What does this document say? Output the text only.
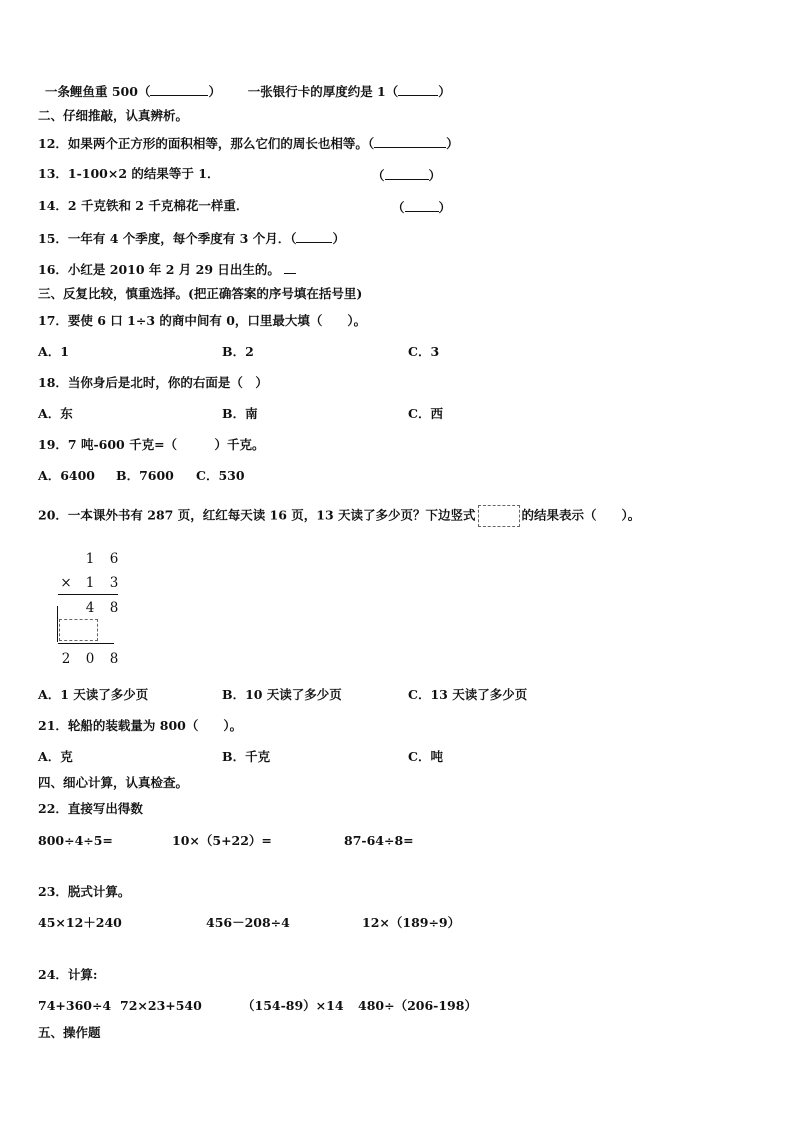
一条鲤鱼重 500（	） 一张银行卡的厚度约是 1（	）
二、仔细推敲，认真辨析。
12．如果两个正方形的面积相等，那么它们的周长也相等。（	）
13．1-100×2 的结果等于 1．	（	）
14．2 千克铁和 2 千克棉花一样重．	（	）
15．一年有 4 个季度，每个季度有 3 个月．（	）
16．小红是 2010 年 2 月 29 日出生的。
三、反复比较，慎重选择。(把正确答案的序号填在括号里)
17．要使 6 口 1÷3 的商中间有 0，口里最大填（　　）。
A．1	B．2	C．3
18．当你身后是北时，你的右面是（　）
A．东	B．南	C．西
19．7 吨-600 千克=（　　　）千克。
A．6400 B．7600 C．530
20．一本课外书有 287 页，红红每天读 16 页，13 天读了多少页？下边竖式	的结果表示（　　）。
1 6
× 1 3
4 8
2 0 8
A．1 天读了多少页	B．10 天读了多少页	C．13 天读了多少页
21．轮船的装载量为 800（　　）。
A．克	B．千克	C．吨
四、细心计算，认真检查。
22．直接写出得数
800÷4÷5=	10×（5+22）=	87-64÷8=
23．脱式计算。
45×12＋240	456－208÷4	12×（189÷9）
24．计算:
74+360÷4 72×23+540	（154-89）×14 480÷（206-198）
五、操作题
